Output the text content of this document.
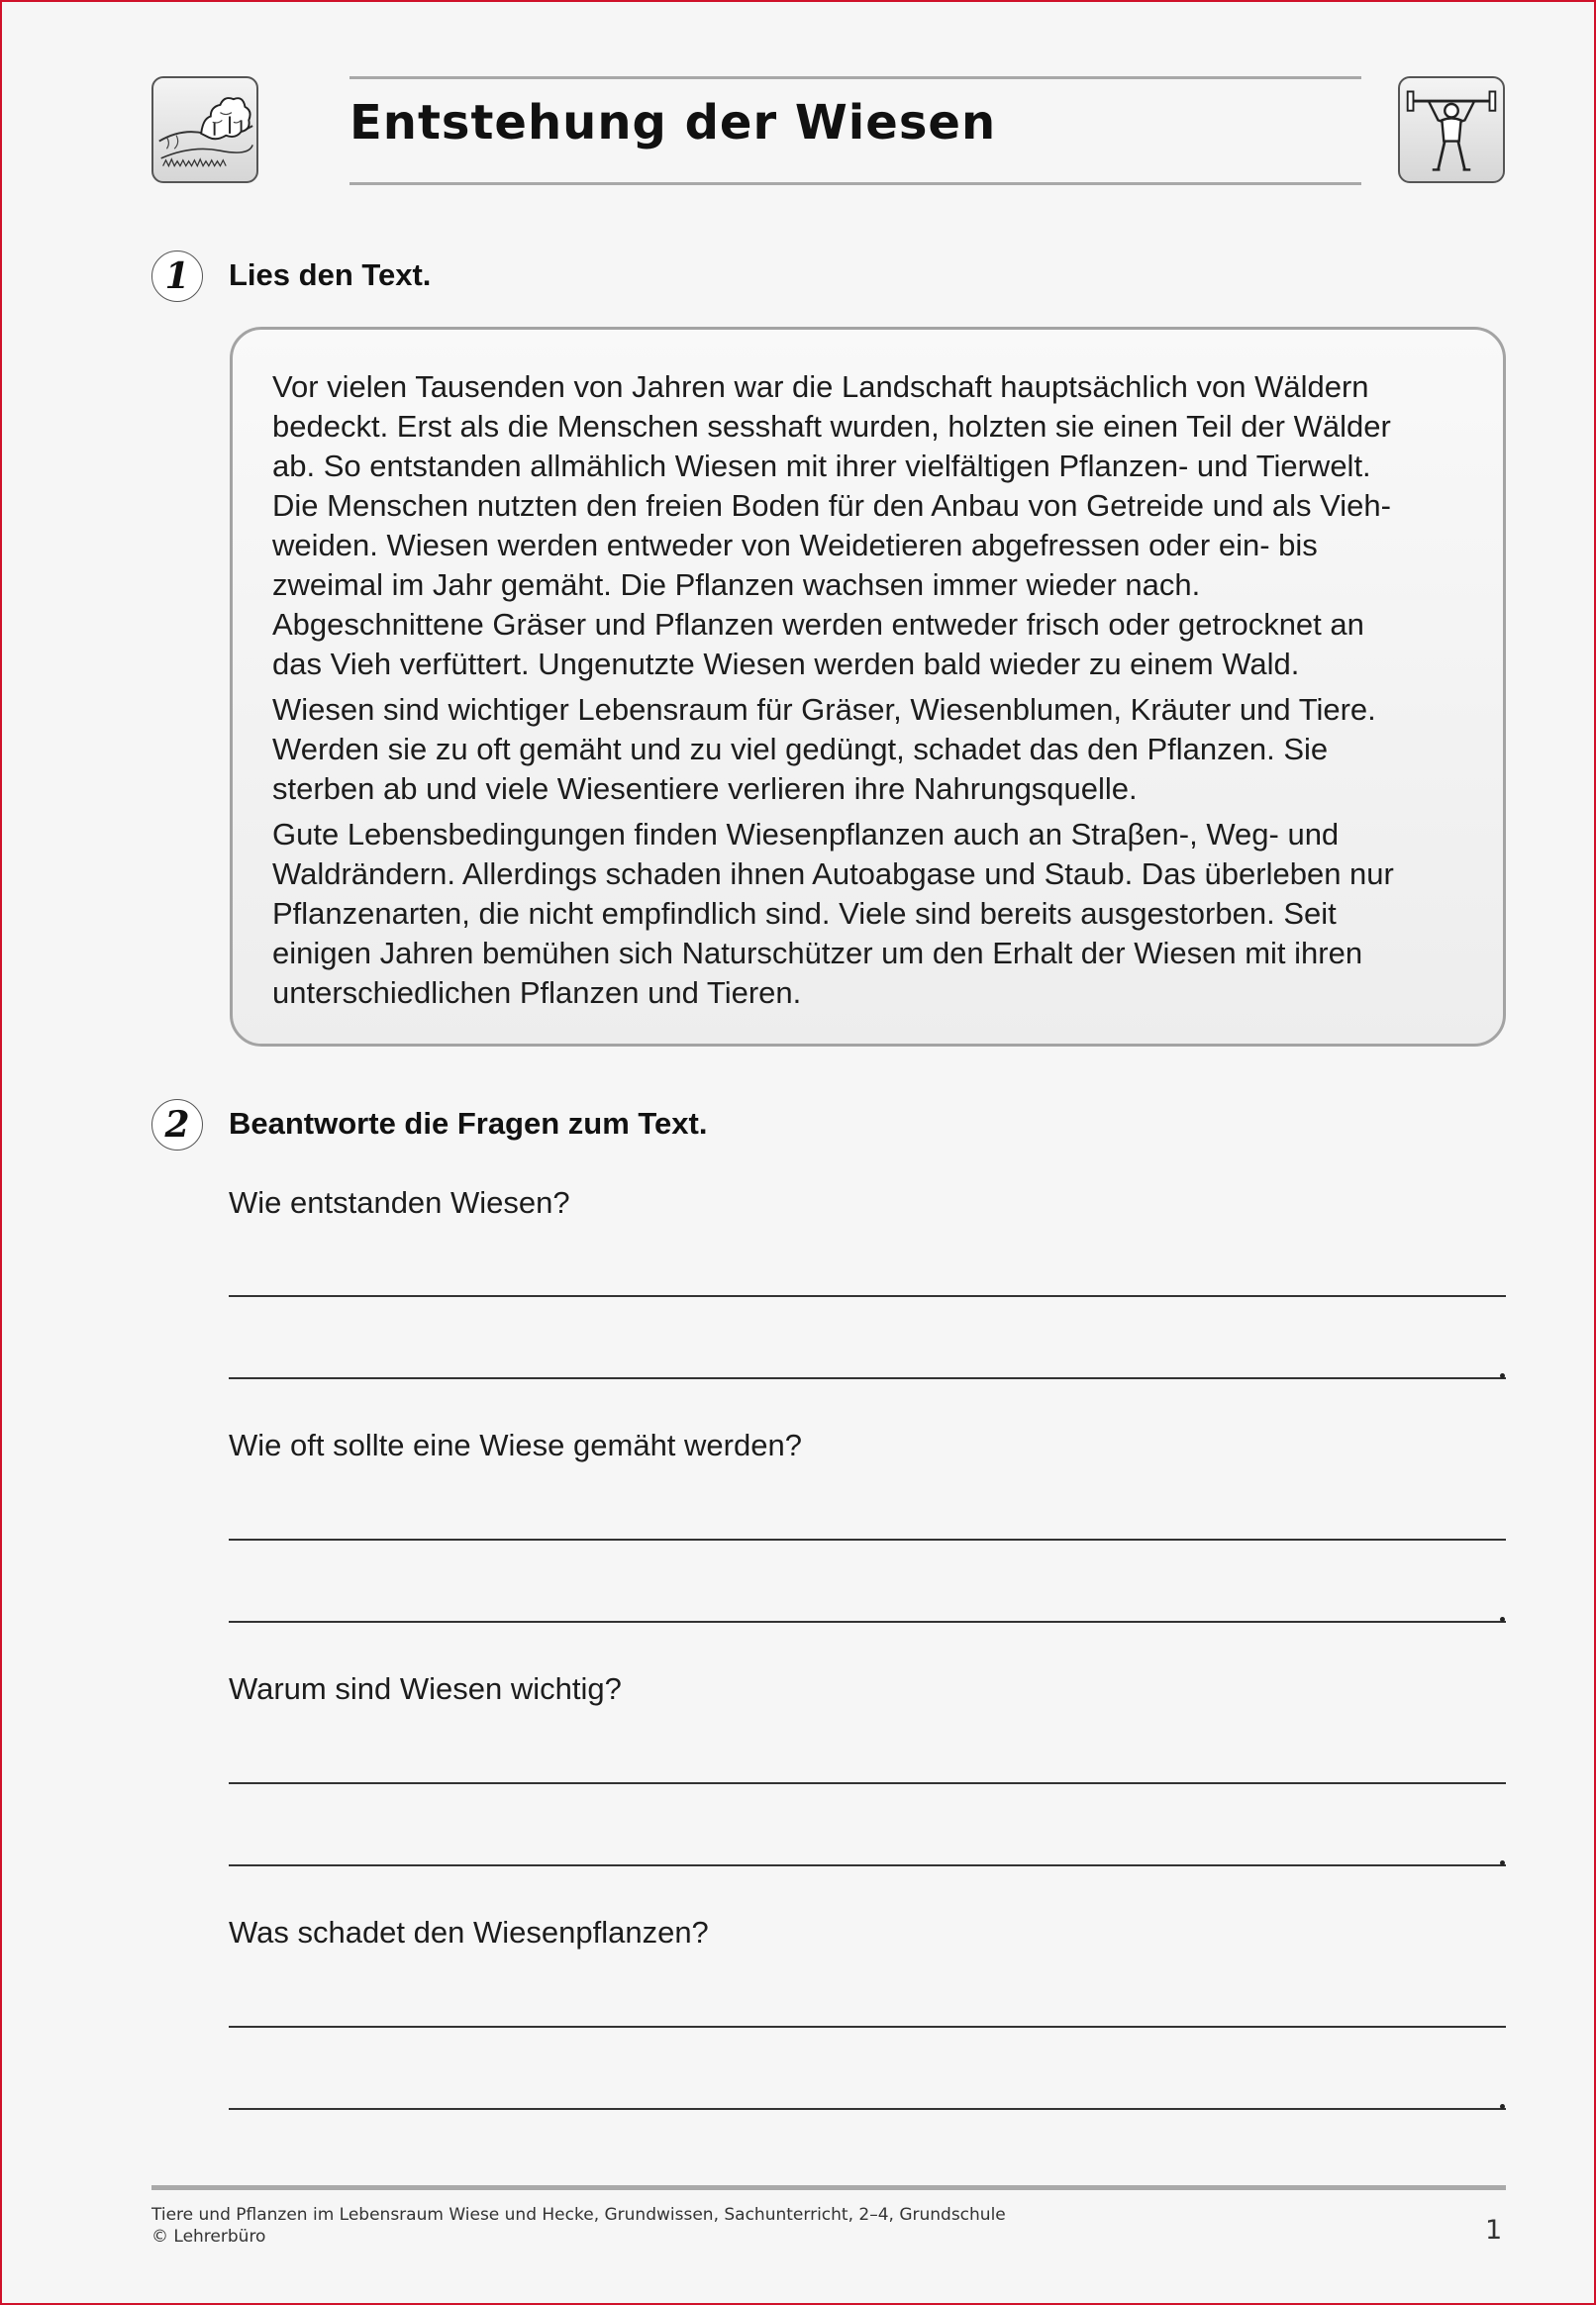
Entstehung der Wiesen
1	Lies den Text.

Vor vielen Tausenden von Jahren war die Landschaft hauptsächlich von Wäldern
bedeckt. Erst als die Menschen sesshaft wurden, holzten sie einen Teil der Wälder
ab. So entstanden allmählich Wiesen mit ihrer vielfältigen Pflanzen- und Tierwelt.
Die Menschen nutzten den freien Boden für den Anbau von Getreide und als Vieh-
weiden. Wiesen werden entweder von Weidetieren abgefressen oder ein- bis
zweimal im Jahr gemäht. Die Pflanzen wachsen immer wieder nach.
Abgeschnittene Gräser und Pflanzen werden entweder frisch oder getrocknet an
das Vieh verfüttert. Ungenutzte Wiesen werden bald wieder zu einem Wald.

Wiesen sind wichtiger Lebensraum für Gräser, Wiesenblumen, Kräuter und Tiere.
Werden sie zu oft gemäht und zu viel gedüngt, schadet das den Pflanzen. Sie
sterben ab und viele Wiesentiere verlieren ihre Nahrungsquelle.

Gute Lebensbedingungen finden Wiesenpflanzen auch an Straβen-, Weg- und
Waldrändern. Allerdings schaden ihnen Autoabgase und Staub. Das überleben nur
Pflanzenarten, die nicht empfindlich sind. Viele sind bereits ausgestorben. Seit
einigen Jahren bemühen sich Naturschützer um den Erhalt der Wiesen mit ihren
unterschiedlichen Pflanzen und Tieren.

2	Beantworte die Fragen zum Text.

Wie entstanden Wiesen?

Wie oft sollte eine Wiese gemäht werden?

Warum sind Wiesen wichtig?

Was schadet den Wiesenpflanzen?

Tiere und Pflanzen im Lebensraum Wiese und Hecke, Grundwissen, Sachunterricht, 2–4, Grundschule

© Lehrerbüro	1
